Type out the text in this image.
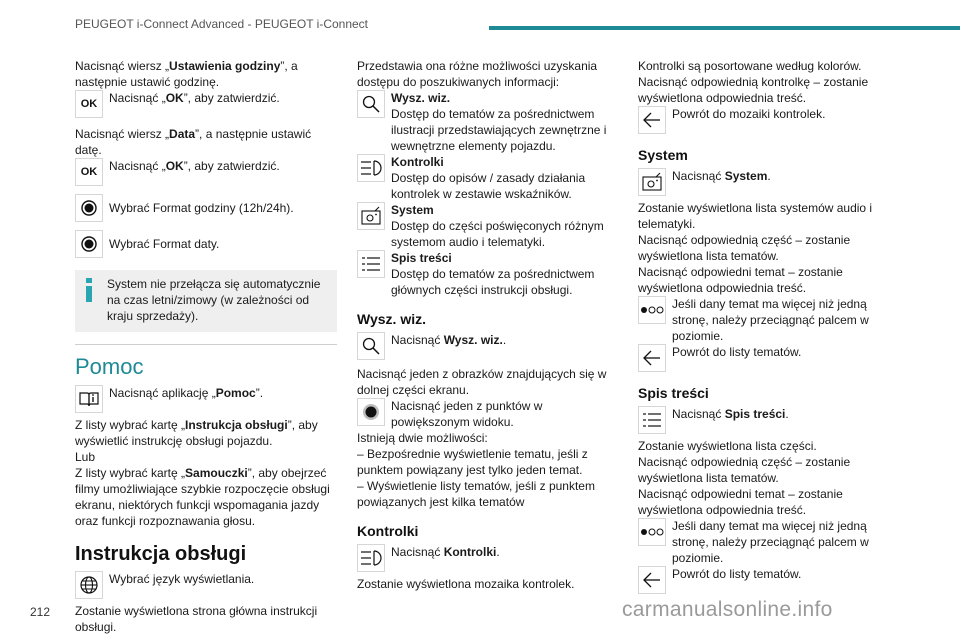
PEUGEOT i-Connect Advanced - PEUGEOT i-Connect

Nacisnąć wiersz „Ustawienia godziny”, a następnie ustawić godzinę.

OK Nacisnąć „OK”, aby zatwierdzić.

Nacisnąć wiersz „Data”, a następnie ustawić datę.

OK Nacisnąć „OK”, aby zatwierdzić.

Wybrać Format godziny (12h/24h).

Wybrać Format daty.

System nie przełącza się automatycznie na czas letni/zimowy (w zależności od kraju sprzedaży).

Pomoc

Nacisnąć aplikację „Pomoc”.

Z listy wybrać kartę „Instrukcja obsługi”, aby wyświetlić instrukcję obsługi pojazdu.

Lub

Z listy wybrać kartę „Samouczki”, aby obejrzeć filmy umożliwiające szybkie rozpoczęcie obsługi ekranu, niektórych funkcji wspomagania jazdy oraz funkcji rozpoznawania głosu.

Instrukcja obsługi

Wybrać język wyświetlania.

Zostanie wyświetlona strona główna instrukcji obsługi.

Przedstawia ona różne możliwości uzyskania dostępu do poszukiwanych informacji:

Wysz. wiz.
Dostęp do tematów za pośrednictwem ilustracji przedstawiających zewnętrzne i wewnętrzne elementy pojazdu.

Kontrolki
Dostęp do opisów / zasady działania kontrolek w zestawie wskaźników.

System
Dostęp do części poświęconych różnym systemom audio i telematyki.

Spis treści
Dostęp do tematów za pośrednictwem głównych części instrukcji obsługi.

Wysz. wiz.

Nacisnąć Wysz. wiz..

Nacisnąć jeden z obrazków znajdujących się w dolnej części ekranu.

Nacisnąć jeden z punktów w powiększonym widoku.

Istnieją dwie możliwości:

– Bezpośrednie wyświetlenie tematu, jeśli z punktem powiązany jest tylko jeden temat.

– Wyświetlenie listy tematów, jeśli z punktem powiązanych jest kilka tematów

Kontrolki

Nacisnąć Kontrolki.

Zostanie wyświetlona mozaika kontrolek.

Kontrolki są posortowane według kolorów.

Nacisnąć odpowiednią kontrolkę – zostanie wyświetlona odpowiednia treść.

Powrót do mozaiki kontrolek.

System

Nacisnąć System.

Zostanie wyświetlona lista systemów audio i telematyki.

Nacisnąć odpowiednią część – zostanie wyświetlona lista tematów.

Nacisnąć odpowiedni temat – zostanie wyświetlona odpowiednia treść.

Jeśli dany temat ma więcej niż jedną stronę, należy przeciągnąć palcem w poziomie.

Powrót do listy tematów.

Spis treści

Nacisnąć Spis treści.

Zostanie wyświetlona lista części.

Nacisnąć odpowiednią część – zostanie wyświetlona lista tematów.

Nacisnąć odpowiedni temat – zostanie wyświetlona odpowiednia treść.

Jeśli dany temat ma więcej niż jedną stronę, należy przeciągnąć palcem w poziomie.

Powrót do listy tematów.

212	carmanualsonline.info
